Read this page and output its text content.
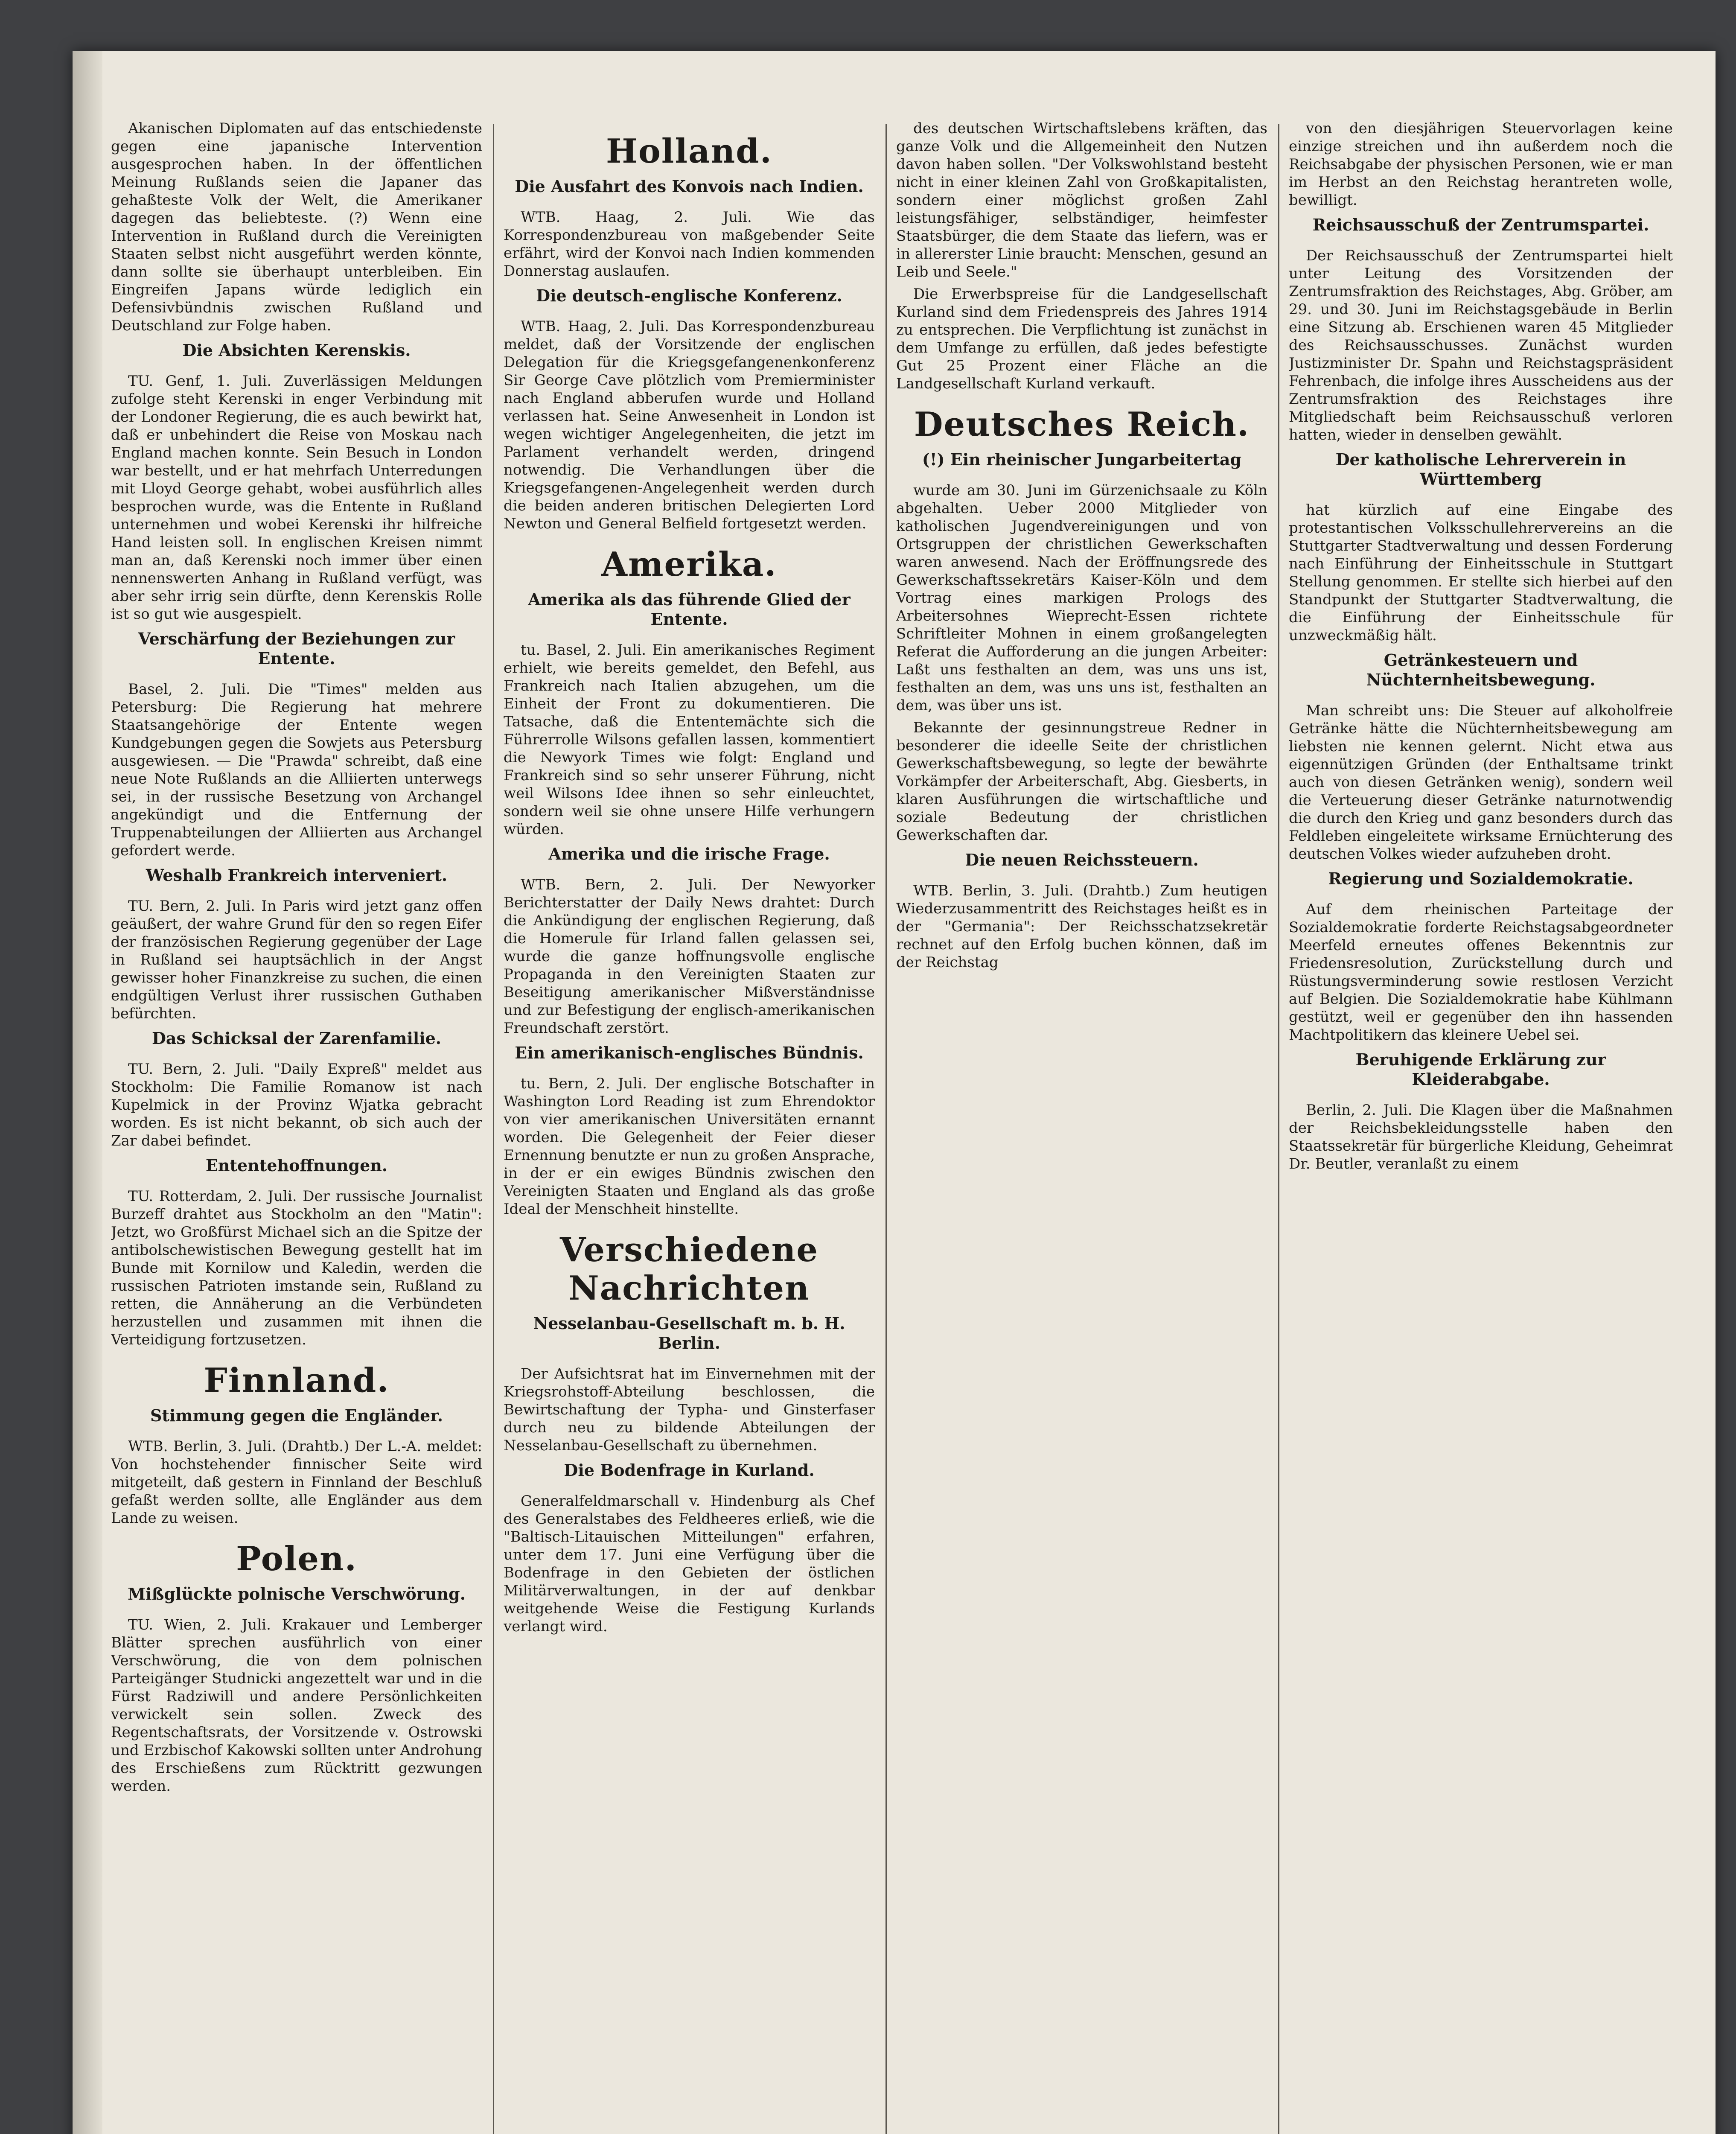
Akanischen Diplomaten auf das entschiedenste gegen eine japanische Intervention ausgesprochen haben. In der öffentlichen Meinung Rußlands seien die Japaner das gehaßteste Volk der Welt, die Amerikaner dagegen das beliebteste. (?) Wenn eine Intervention in Rußland durch die Vereinigten Staaten selbst nicht ausgeführt werden könnte, dann sollte sie überhaupt unterbleiben. Ein Eingreifen Japans würde lediglich ein Defensivbündnis zwischen Rußland und Deutschland zur Folge haben.

Die Absichten Kerenskis.

TU. Genf, 1. Juli. Zuverlässigen Meldungen zufolge steht Kerenski in enger Verbindung mit der Londoner Regierung, die es auch bewirkt hat, daß er unbehindert die Reise von Moskau nach England machen konnte. Sein Besuch in London war bestellt, und er hat mehrfach Unterredungen mit Lloyd George gehabt, wobei ausführlich alles besprochen wurde, was die Entente in Rußland unternehmen und wobei Kerenski ihr hilfreiche Hand leisten soll. In englischen Kreisen nimmt man an, daß Kerenski noch immer über einen nennenswerten Anhang in Rußland verfügt, was aber sehr irrig sein dürfte, denn Kerenskis Rolle ist so gut wie ausgespielt.

Verschärfung der Beziehungen zur Entente.

Basel, 2. Juli. Die "Times" melden aus Petersburg: Die Regierung hat mehrere Staatsangehörige der Entente wegen Kundgebungen gegen die Sowjets aus Petersburg ausgewiesen. — Die "Prawda" schreibt, daß eine neue Note Rußlands an die Alliierten unterwegs sei, in der russische Besetzung von Archangel angekündigt und die Entfernung der Truppenabteilungen der Alliierten aus Archangel gefordert werde.

Weshalb Frankreich interveniert.

TU. Bern, 2. Juli. In Paris wird jetzt ganz offen geäußert, der wahre Grund für den so regen Eifer der französischen Regierung gegenüber der Lage in Rußland sei hauptsächlich in der Angst gewisser hoher Finanzkreise zu suchen, die einen endgültigen Verlust ihrer russischen Guthaben befürchten.

Das Schicksal der Zarenfamilie.

TU. Bern, 2. Juli. "Daily Expreß" meldet aus Stockholm: Die Familie Romanow ist nach Kupelmick in der Provinz Wjatka gebracht worden. Es ist nicht bekannt, ob sich auch der Zar dabei befindet.

Ententehoffnungen.

TU. Rotterdam, 2. Juli. Der russische Journalist Burzeff drahtet aus Stockholm an den "Matin": Jetzt, wo Großfürst Michael sich an die Spitze der antibolschewistischen Bewegung gestellt hat im Bunde mit Kornilow und Kaledin, werden die russischen Patrioten imstande sein, Rußland zu retten, die Annäherung an die Verbündeten herzustellen und zusammen mit ihnen die Verteidigung fortzusetzen.

Finnland.
Stimmung gegen die Engländer.

WTB. Berlin, 3. Juli. (Drahtb.) Der L.-A. meldet: Von hochstehender finnischer Seite wird mitgeteilt, daß gestern in Finnland der Beschluß gefaßt werden sollte, alle Engländer aus dem Lande zu weisen.

Polen.
Mißglückte polnische Verschwörung.

TU. Wien, 2. Juli. Krakauer und Lemberger Blätter sprechen ausführlich von einer Verschwörung, die von dem polnischen Parteigänger Studnicki angezettelt war und in die Fürst Radziwill und andere Persönlichkeiten verwickelt sein sollen. Zweck des Regentschaftsrats, der Vorsitzende v. Ostrowski und Erzbischof Kakowski sollten unter Androhung des Erschießens zum Rücktritt gezwungen werden.

Holland.
Die Ausfahrt des Konvois nach Indien.

WTB. Haag, 2. Juli. Wie das Korrespondenzbureau von maßgebender Seite erfährt, wird der Konvoi nach Indien kommenden Donnerstag auslaufen.

Die deutsch-englische Konferenz.

WTB. Haag, 2. Juli. Das Korrespondenzbureau meldet, daß der Vorsitzende der englischen Delegation für die Kriegsgefangenenkonferenz Sir George Cave plötzlich vom Premierminister nach England abberufen wurde und Holland verlassen hat. Seine Anwesenheit in London ist wegen wichtiger Angelegenheiten, die jetzt im Parlament verhandelt werden, dringend notwendig. Die Verhandlungen über die Kriegsgefangenen-Angelegenheit werden durch die beiden anderen britischen Delegierten Lord Newton und General Belfield fortgesetzt werden.

Amerika.
Amerika als das führende Glied der Entente.

tu. Basel, 2. Juli. Ein amerikanisches Regiment erhielt, wie bereits gemeldet, den Befehl, aus Frankreich nach Italien abzugehen, um die Einheit der Front zu dokumentieren. Die Tatsache, daß die Ententemächte sich die Führerrolle Wilsons gefallen lassen, kommentiert die Newyork Times wie folgt: England und Frankreich sind so sehr unserer Führung, nicht weil Wilsons Idee ihnen so sehr einleuchtet, sondern weil sie ohne unsere Hilfe verhungern würden.

Amerika und die irische Frage.

WTB. Bern, 2. Juli. Der Newyorker Berichterstatter der Daily News drahtet: Durch die Ankündigung der englischen Regierung, daß die Homerule für Irland fallen gelassen sei, wurde die ganze hoffnungsvolle englische Propaganda in den Vereinigten Staaten zur Beseitigung amerikanischer Mißverständnisse und zur Befestigung der englisch-amerikanischen Freundschaft zerstört.

Ein amerikanisch-englisches Bündnis.

tu. Bern, 2. Juli. Der englische Botschafter in Washington Lord Reading ist zum Ehrendoktor von vier amerikanischen Universitäten ernannt worden. Die Gelegenheit der Feier dieser Ernennung benutzte er nun zu großen Ansprache, in der er ein ewiges Bündnis zwischen den Vereinigten Staaten und England als das große Ideal der Menschheit hinstellte.

Verschiedene Nachrichten
Nesselanbau-Gesellschaft m. b. H. Berlin.

Der Aufsichtsrat hat im Einvernehmen mit der Kriegsrohstoff-Abteilung beschlossen, die Bewirtschaftung der Typha- und Ginsterfaser durch neu zu bildende Abteilungen der Nesselanbau-Gesellschaft zu übernehmen.

Die Bodenfrage in Kurland.

Generalfeldmarschall v. Hindenburg als Chef des Generalstabes des Feldheeres erließ, wie die "Baltisch-Litauischen Mitteilungen" erfahren, unter dem 17. Juni eine Verfügung über die Bodenfrage in den Gebieten der östlichen Militärverwaltungen, in der auf denkbar weitgehende Weise die Festigung Kurlands verlangt wird.

des deutschen Wirtschaftslebens kräften, das ganze Volk und die Allgemeinheit den Nutzen davon haben sollen. "Der Volkswohlstand besteht nicht in einer kleinen Zahl von Großkapitalisten, sondern einer möglichst großen Zahl leistungsfähiger, selbständiger, heimfester Staatsbürger, die dem Staate das liefern, was er in allererster Linie braucht: Menschen, gesund an Leib und Seele."

Die Erwerbspreise für die Landgesellschaft Kurland sind dem Friedenspreis des Jahres 1914 zu entsprechen. Die Verpflichtung ist zunächst in dem Umfange zu erfüllen, daß jedes befestigte Gut 25 Prozent einer Fläche an die Landgesellschaft Kurland verkauft.

Deutsches Reich.
(!) Ein rheinischer Jungarbeitertag

wurde am 30. Juni im Gürzenichsaale zu Köln abgehalten. Ueber 2000 Mitglieder von katholischen Jugendvereinigungen und von Ortsgruppen der christlichen Gewerkschaften waren anwesend. Nach der Eröffnungsrede des Gewerkschaftssekretärs Kaiser-Köln und dem Vortrag eines markigen Prologs des Arbeitersohnes Wieprecht-Essen richtete Schriftleiter Mohnen in einem großangelegten Referat die Aufforderung an die jungen Arbeiter: Laßt uns festhalten an dem, was uns uns ist, festhalten an dem, was uns uns ist, festhalten an dem, was über uns ist.

Bekannte der gesinnungstreue Redner in besonderer die ideelle Seite der christlichen Gewerkschaftsbewegung, so legte der bewährte Vorkämpfer der Arbeiterschaft, Abg. Giesberts, in klaren Ausführungen die wirtschaftliche und soziale Bedeutung der christlichen Gewerkschaften dar.

Die neuen Reichssteuern.

WTB. Berlin, 3. Juli. (Drahtb.) Zum heutigen Wiederzusammentritt des Reichstages heißt es in der "Germania": Der Reichsschatzsekretär rechnet auf den Erfolg buchen können, daß im der Reichstag

von den diesjährigen Steuervorlagen keine einzige streichen und ihn außerdem noch die Reichsabgabe der physischen Personen, wie er man im Herbst an den Reichstag herantreten wolle, bewilligt.

Reichsausschuß der Zentrumspartei.

Der Reichsausschuß der Zentrumspartei hielt unter Leitung des Vorsitzenden der Zentrumsfraktion des Reichstages, Abg. Gröber, am 29. und 30. Juni im Reichstagsgebäude in Berlin eine Sitzung ab. Erschienen waren 45 Mitglieder des Reichsausschusses. Zunächst wurden Justizminister Dr. Spahn und Reichstagspräsident Fehrenbach, die infolge ihres Ausscheidens aus der Zentrumsfraktion des Reichstages ihre Mitgliedschaft beim Reichsausschuß verloren hatten, wieder in denselben gewählt.

Der katholische Lehrerverein in Württemberg

hat kürzlich auf eine Eingabe des protestantischen Volksschullehrervereins an die Stuttgarter Stadtverwaltung und dessen Forderung nach Einführung der Einheitsschule in Stuttgart Stellung genommen. Er stellte sich hierbei auf den Standpunkt der Stuttgarter Stadtverwaltung, die die Einführung der Einheitsschule für unzweckmäßig hält.

Getränkesteuern und Nüchternheitsbewegung.

Man schreibt uns: Die Steuer auf alkoholfreie Getränke hätte die Nüchternheitsbewegung am liebsten nie kennen gelernt. Nicht etwa aus eigennützigen Gründen (der Enthaltsame trinkt auch von diesen Getränken wenig), sondern weil die Verteuerung dieser Getränke naturnotwendig die durch den Krieg und ganz besonders durch das Feldleben eingeleitete wirksame Ernüchterung des deutschen Volkes wieder aufzuheben droht.

Regierung und Sozialdemokratie.

Auf dem rheinischen Parteitage der Sozialdemokratie forderte Reichstagsabgeordneter Meerfeld erneutes offenes Bekenntnis zur Friedensresolution, Zurückstellung durch und Rüstungsverminderung sowie restlosen Verzicht auf Belgien. Die Sozialdemokratie habe Kühlmann gestützt, weil er gegenüber den ihn hassenden Machtpolitikern das kleinere Uebel sei.

Beruhigende Erklärung zur Kleiderabgabe.

Berlin, 2. Juli. Die Klagen über die Maßnahmen der Reichsbekleidungsstelle haben den Staatssekretär für bürgerliche Kleidung, Geheimrat Dr. Beutler, veranlaßt zu einem
